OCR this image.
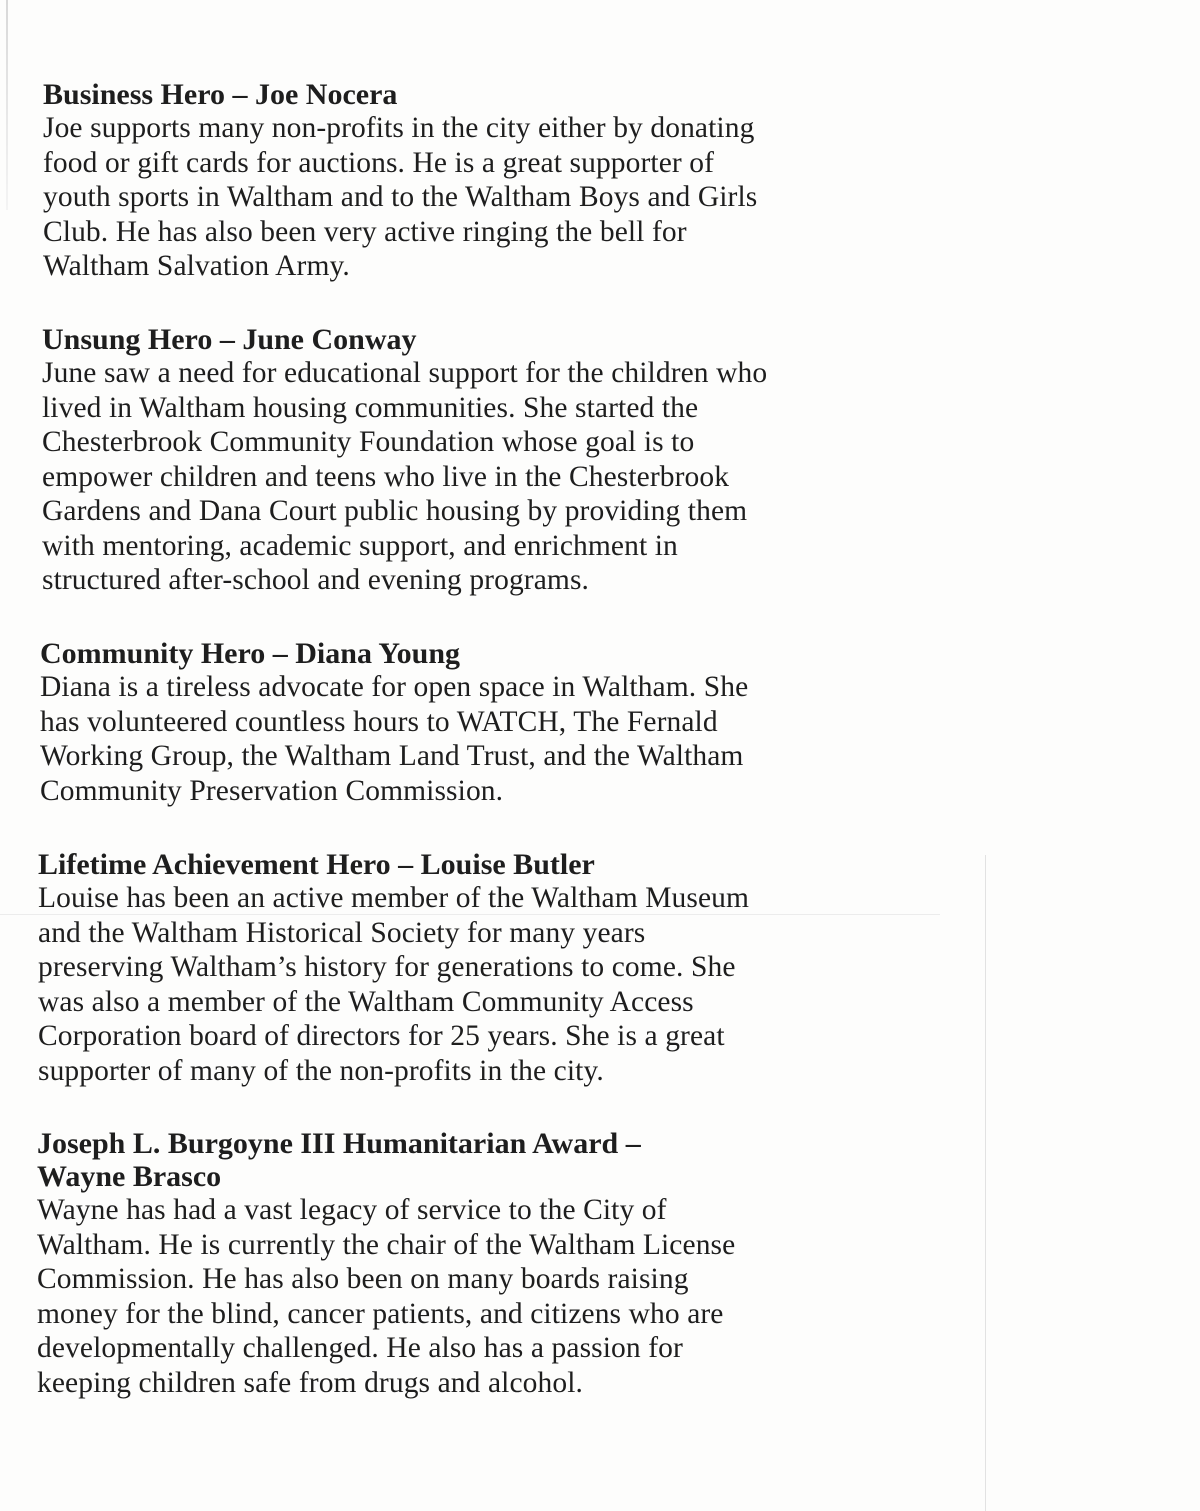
Business Hero – Joe Nocera

Joe supports many non-profits in the city either by donating
food or gift cards for auctions. He is a great supporter of
youth sports in Waltham and to the Waltham Boys and Girls
Club. He has also been very active ringing the bell for
Waltham Salvation Army.

Unsung Hero – June Conway

June saw a need for educational support for the children who
lived in Waltham housing communities. She started the
Chesterbrook Community Foundation whose goal is to
empower children and teens who live in the Chesterbrook
Gardens and Dana Court public housing by providing them
with mentoring, academic support, and enrichment in
structured after-school and evening programs.

Community Hero – Diana Young

Diana is a tireless advocate for open space in Waltham. She
has volunteered countless hours to WATCH, The Fernald
Working Group, the Waltham Land Trust, and the Waltham
Community Preservation Commission.

Lifetime Achievement Hero – Louise Butler

Louise has been an active member of the Waltham Museum
and the Waltham Historical Society for many years
preserving Waltham’s history for generations to come. She
was also a member of the Waltham Community Access
Corporation board of directors for 25 years. She is a great
supporter of many of the non-profits in the city.

Joseph L. Burgoyne III Humanitarian Award –
Wayne Brasco

Wayne has had a vast legacy of service to the City of
Waltham. He is currently the chair of the Waltham License
Commission. He has also been on many boards raising
money for the blind, cancer patients, and citizens who are
developmentally challenged. He also has a passion for
keeping children safe from drugs and alcohol.
